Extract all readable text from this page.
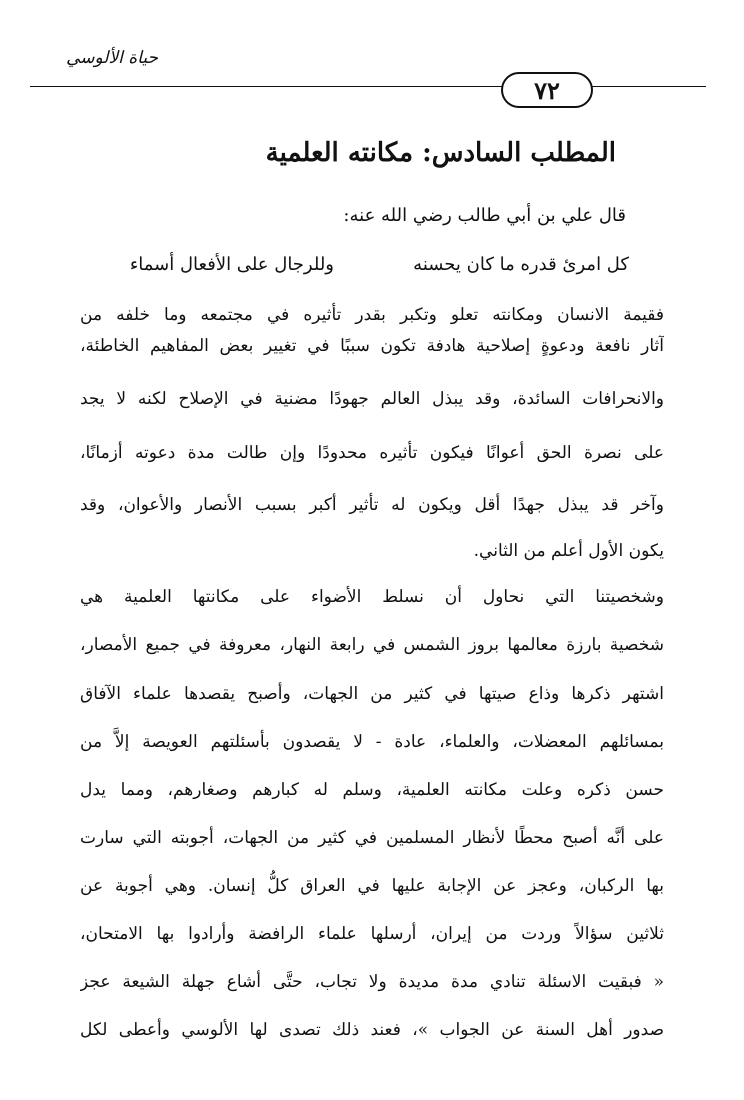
حياة الألوسي
٧٢
المطلب السادس: مكانته العلمية
قال علي بن أبي طالب رضي الله عنه:
كل امرئ قدره ما كان يحسنه
وللرجال على الأفعال أسماء
فقيمة الانسان ومكانته تعلو وتكبر بقدر تأثيره في مجتمعه وما خلفه من
آثار نافعة ودعوةٍ إصلاحية هادفة تكون سببًا في تغيير بعض المفاهيم الخاطئة،
والانحرافات السائدة، وقد يبذل العالم جهودًا مضنية في الإصلاح لكنه لا يجد
على نصرة الحق أعوانًا فيكون تأثيره محدودًا وإن طالت مدة دعوته أزمانًا،
وآخر قد يبذل جهدًا أقل ويكون له تأثير أكبر بسبب الأنصار والأعوان، وقد
يكون الأول أعلم من الثاني.
وشخصيتنا التي نحاول أن نسلط الأضواء على مكانتها العلمية هي
شخصية بارزة معالمها بروز الشمس في رابعة النهار، معروفة في جميع الأمصار،
اشتهر ذكرها وذاع صيتها في كثير من الجهات، وأصبح يقصدها علماء الآفاق
بمسائلهم المعضلات، والعلماء، عادة - لا يقصدون بأسئلتهم العويصة إلاَّ من
حسن ذكره وعلت مكانته العلمية، وسلم له كبارهم وصغارهم، ومما يدل
على أنَّه أصبح محطًا لأنظار المسلمين في كثير من الجهات، أجوبته التي سارت
بها الركبان، وعجز عن الإجابة عليها في العراق كلُّ إنسان. وهي أجوبة عن
ثلاثين سؤالاً وردت من إيران، أرسلها علماء الرافضة وأرادوا بها الامتحان،
« فبقيت الاسئلة تنادي مدة مديدة ولا تجاب، حتَّى أشاع جهلة الشيعة عجز
صدور أهل السنة عن الجواب »، فعند ذلك تصدى لها الألوسي وأعطى لكل
